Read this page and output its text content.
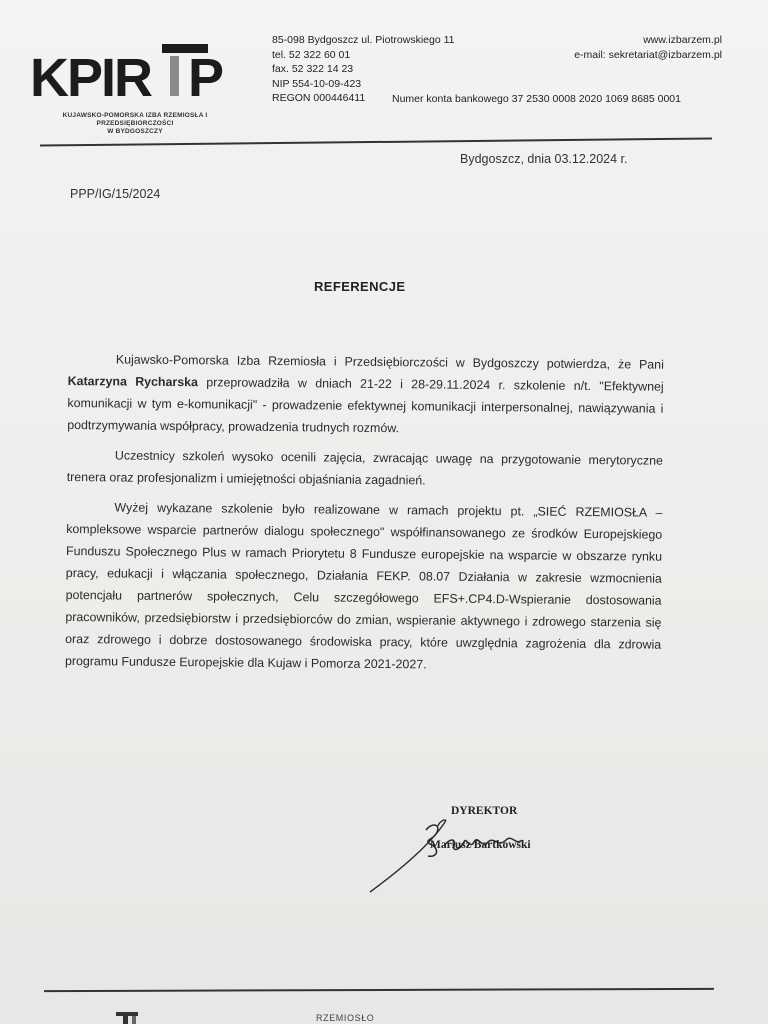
KPIR P
KUJAWSKO-POMORSKA IZBA RZEMIOSŁA I PRZEDSIĘBIORCZOŚCI
W BYDGOSZCZY
85-098 Bydgoszcz ul. Piotrowskiego 11
tel. 52 322 60 01
fax. 52 322 14 23
NIP 554-10-09-423
REGON 000446411
www.izbarzem.pl
e-mail: sekretariat@izbarzem.pl
Numer konta bankowego 37 2530 0008 2020 1069 8685 0001
Bydgoszcz, dnia 03.12.2024 r.
PPP/IG/15/2024
REFERENCJE

Kujawsko-Pomorska Izba Rzemiosła i Przedsiębiorczości w Bydgoszczy potwierdza, że Pani Katarzyna Rycharska przeprowadziła w dniach 21-22 i 28-29.11.2024 r. szkolenie n/t. "Efektywnej komunikacji w tym e-komunikacji" - prowadzenie efektywnej komunikacji interpersonalnej, nawiązywania i podtrzymywania współpracy, prowadzenia trudnych rozmów.

Uczestnicy szkoleń wysoko ocenili zajęcia, zwracając uwagę na przygotowanie merytoryczne trenera oraz profesjonalizm i umiejętności objaśniania zagadnień.

Wyżej wykazane szkolenie było realizowane w ramach projektu pt. „SIEĆ RZEMIOSŁA – kompleksowe wsparcie partnerów dialogu społecznego" współfinansowanego ze środków Europejskiego Funduszu Społecznego Plus w ramach Priorytetu 8 Fundusze europejskie na wsparcie w obszarze rynku pracy, edukacji i włączania społecznego, Działania FEKP. 08.07 Działania w zakresie wzmocnienia potencjału partnerów społecznych, Celu szczegółowego EFS+.CP4.D-Wspieranie dostosowania pracowników, przedsiębiorstw i przedsiębiorców do zmian, wspieranie aktywnego i zdrowego starzenia się oraz zdrowego i dobrze dostosowanego środowiska pracy, które uwzględnia zagrożenia dla zdrowia programu Fundusze Europejskie dla Kujaw i Pomorza 2021-2027.

DYREKTOR
Mariusz Bartkowski
RZEMIOSŁO
